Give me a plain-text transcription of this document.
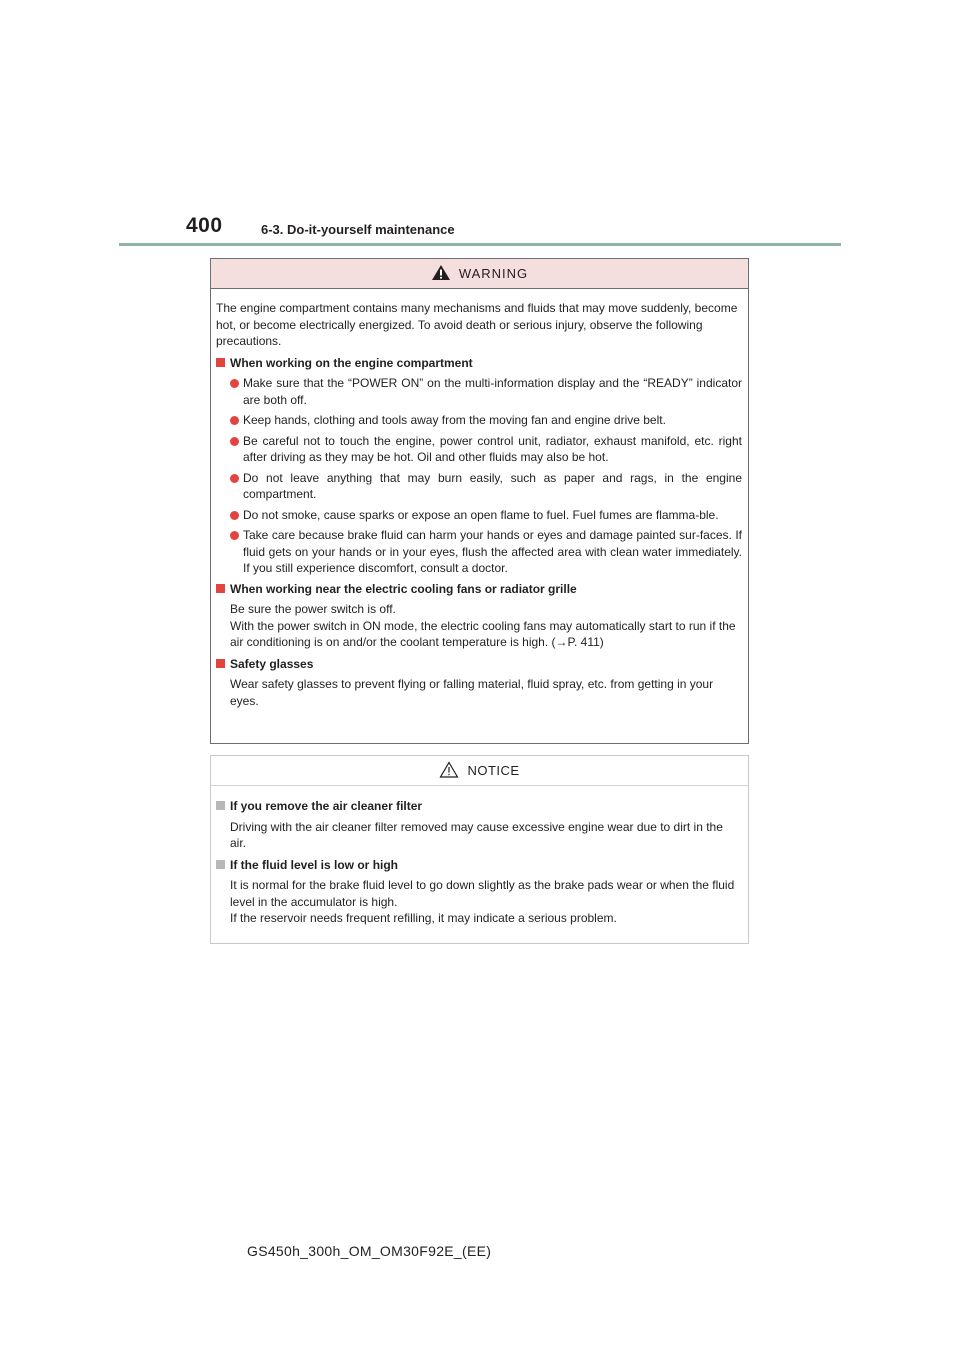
400	6-3. Do-it-yourself maintenance
WARNING

The engine compartment contains many mechanisms and fluids that may move suddenly, become hot, or become electrically energized. To avoid death or serious injury, observe the following precautions.

When working on the engine compartment
Make sure that the “POWER ON” on the multi-information display and the “READY” indicator are both off.
Keep hands, clothing and tools away from the moving fan and engine drive belt.
Be careful not to touch the engine, power control unit, radiator, exhaust manifold, etc. right after driving as they may be hot. Oil and other fluids may also be hot.
Do not leave anything that may burn easily, such as paper and rags, in the engine compartment.
Do not smoke, cause sparks or expose an open flame to fuel. Fuel fumes are flamma-ble.
Take care because brake fluid can harm your hands or eyes and damage painted sur-faces. If fluid gets on your hands or in your eyes, flush the affected area with clean water immediately. If you still experience discomfort, consult a doctor.
When working near the electric cooling fans or radiator grille

Be sure the power switch is off.

With the power switch in ON mode, the electric cooling fans may automatically start to run if the air conditioning is on and/or the coolant temperature is high. (→P. 411)

Safety glasses

Wear safety glasses to prevent flying or falling material, fluid spray, etc. from getting in your eyes.

NOTICE
If you remove the air cleaner filter

Driving with the air cleaner filter removed may cause excessive engine wear due to dirt in the air.

If the fluid level is low or high

It is normal for the brake fluid level to go down slightly as the brake pads wear or when the fluid level in the accumulator is high.

If the reservoir needs frequent refilling, it may indicate a serious problem.

GS450h_300h_OM_OM30F92E_(EE)
